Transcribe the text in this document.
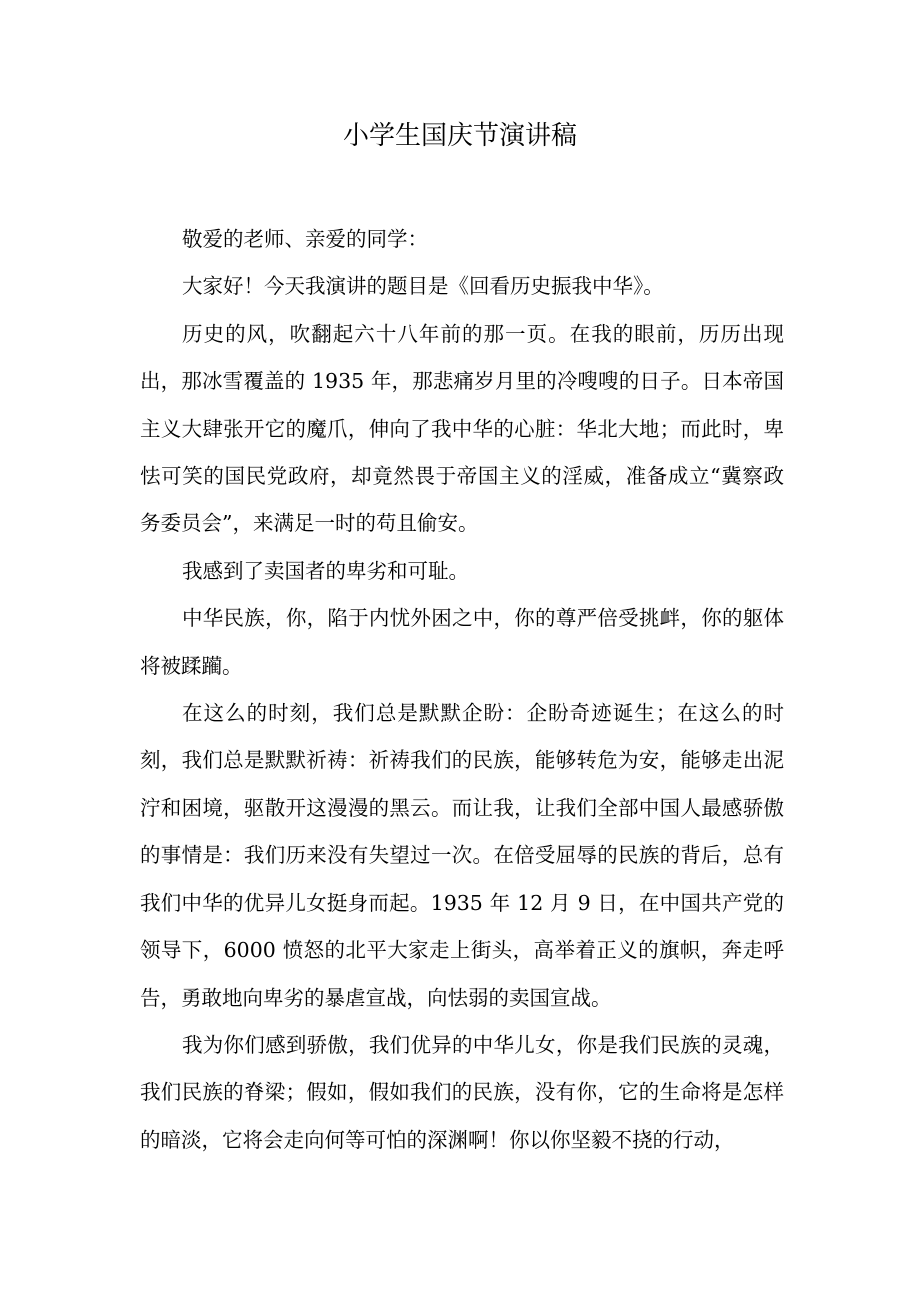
小学生国庆节演讲稿

敬爱的老师、亲爱的同学：

大家好！今天我演讲的题目是《回看历史振我中华》。

历史的风，吹翻起六十八年前的那一页。在我的眼前，历历出现出，那冰雪覆盖的 1935 年，那悲痛岁月里的冷嗖嗖的日子。日本帝国主义大肆张开它的魔爪，伸向了我中华的心脏：华北大地；而此时，卑怯可笑的国民党政府，却竟然畏于帝国主义的淫威，准备成立“冀察政务委员会”，来满足一时的苟且偷安。

我感到了卖国者的卑劣和可耻。

中华民族，你，陷于内忧外困之中，你的尊严倍受挑衅，你的躯体将被蹂躏。

在这么的时刻，我们总是默默企盼：企盼奇迹诞生；在这么的时刻，我们总是默默祈祷：祈祷我们的民族，能够转危为安，能够走出泥泞和困境，驱散开这漫漫的黑云。而让我，让我们全部中国人最感骄傲的事情是：我们历来没有失望过一次。在倍受屈辱的民族的背后，总有我们中华的优异儿女挺身而起。1935 年 12 月 9 日，在中国共产党的领导下，6000 愤怒的北平大家走上街头，高举着正义的旗帜，奔走呼告，勇敢地向卑劣的暴虐宣战，向怯弱的卖国宣战。

我为你们感到骄傲，我们优异的中华儿女，你是我们民族的灵魂，我们民族的脊梁；假如，假如我们的民族，没有你，它的生命将是怎样的暗淡，它将会走向何等可怕的深渊啊！你以你坚毅不挠的行动，
